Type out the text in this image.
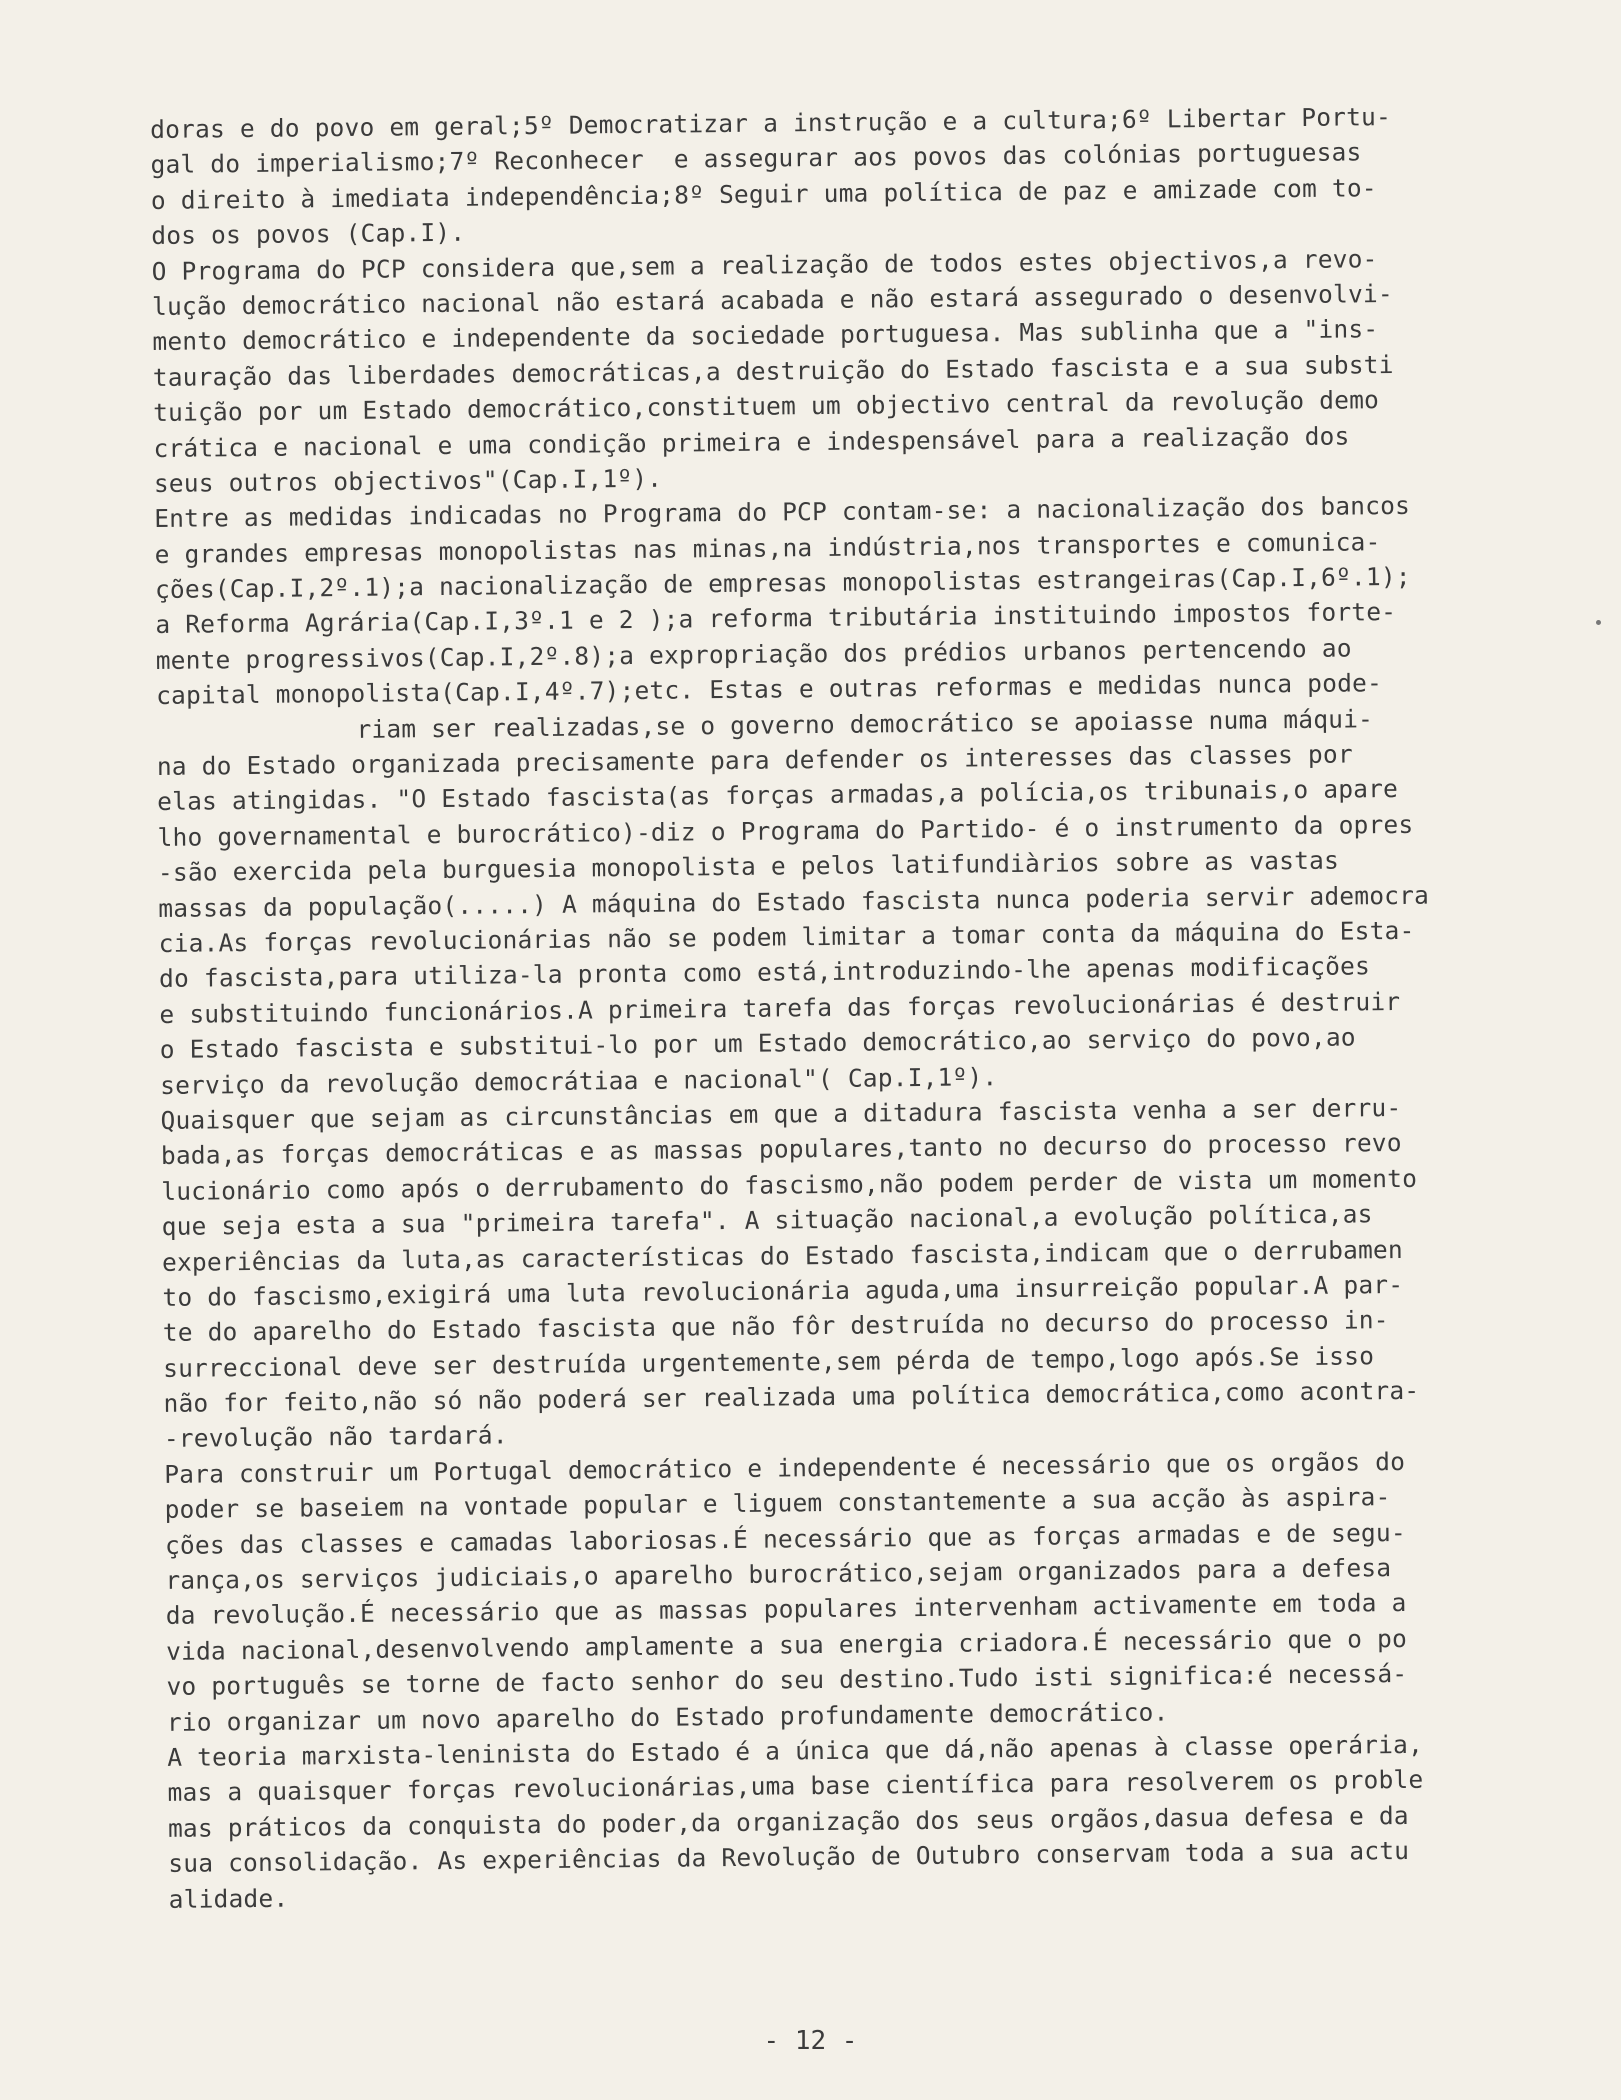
doras e do povo em geral;5º Democratizar a instrução e a cultura;6º Libertar Portu-
gal do imperialismo;7º Reconhecer  e assegurar aos povos das colónias portuguesas
o direito à imediata independência;8º Seguir uma política de paz e amizade com to-
dos os povos (Cap.I).
O Programa do PCP considera que,sem a realização de todos estes objectivos,a revo-
lução democrático nacional não estará acabada e não estará assegurado o desenvolvi-
mento democrático e independente da sociedade portuguesa. Mas sublinha que a "ins-
tauração das liberdades democráticas,a destruição do Estado fascista e a sua substi
tuição por um Estado democrático,constituem um objectivo central da revolução demo
crática e nacional e uma condição primeira e indespensável para a realização dos
seus outros objectivos"(Cap.I,1º).
Entre as medidas indicadas no Programa do PCP contam-se: a nacionalização dos bancos
e grandes empresas monopolistas nas minas,na indústria,nos transportes e comunica-
ções(Cap.I,2º.1);a nacionalização de empresas monopolistas estrangeiras(Cap.I,6º.1);
a Reforma Agrária(Cap.I,3º.1 e 2 );a reforma tributária instituindo impostos forte-
mente progressivos(Cap.I,2º.8);a expropriação dos prédios urbanos pertencendo ao
capital monopolista(Cap.I,4º.7);etc. Estas e outras reformas e medidas nunca pode-
riam ser realizadas,se o governo democrático se apoiasse numa máqui-
na do Estado organizada precisamente para defender os interesses das classes por
elas atingidas. "O Estado fascista(as forças armadas,a polícia,os tribunais,o apare
lho governamental e burocrático)-diz o Programa do Partido- é o instrumento da opres
-são exercida pela burguesia monopolista e pelos latifundiàrios sobre as vastas
massas da população(.....) A máquina do Estado fascista nunca poderia servir ademocra
cia.As forças revolucionárias não se podem limitar a tomar conta da máquina do Esta-
do fascista,para utiliza-la pronta como está,introduzindo-lhe apenas modificações
e substituindo funcionários.A primeira tarefa das forças revolucionárias é destruir
o Estado fascista e substitui-lo por um Estado democrático,ao serviço do povo,ao
serviço da revolução democrátiaa e nacional"( Cap.I,1º).
Quaisquer que sejam as circunstâncias em que a ditadura fascista venha a ser derru-
bada,as forças democráticas e as massas populares,tanto no decurso do processo revo
lucionário como após o derrubamento do fascismo,não podem perder de vista um momento
que seja esta a sua "primeira tarefa". A situação nacional,a evolução política,as
experiências da luta,as características do Estado fascista,indicam que o derrubamen
to do fascismo,exigirá uma luta revolucionária aguda,uma insurreição popular.A par-
te do aparelho do Estado fascista que não fôr destruída no decurso do processo in-
surreccional deve ser destruída urgentemente,sem pérda de tempo,logo após.Se isso
não for feito,não só não poderá ser realizada uma política democrática,como acontra-
-revolução não tardará.
Para construir um Portugal democrático e independente é necessário que os orgãos do
poder se baseiem na vontade popular e liguem constantemente a sua acção às aspira-
ções das classes e camadas laboriosas.É necessário que as forças armadas e de segu-
rança,os serviços judiciais,o aparelho burocrático,sejam organizados para a defesa
da revolução.É necessário que as massas populares intervenham activamente em toda a
vida nacional,desenvolvendo amplamente a sua energia criadora.É necessário que o po
vo português se torne de facto senhor do seu destino.Tudo isti significa:é necessá-
rio organizar um novo aparelho do Estado profundamente democrático.
A teoria marxista-leninista do Estado é a única que dá,não apenas à classe operária,
mas a quaisquer forças revolucionárias,uma base científica para resolverem os proble
mas práticos da conquista do poder,da organização dos seus orgãos,dasua defesa e da
sua consolidação. As experiências da Revolução de Outubro conservam toda a sua actu
alidade.
- 12 -
